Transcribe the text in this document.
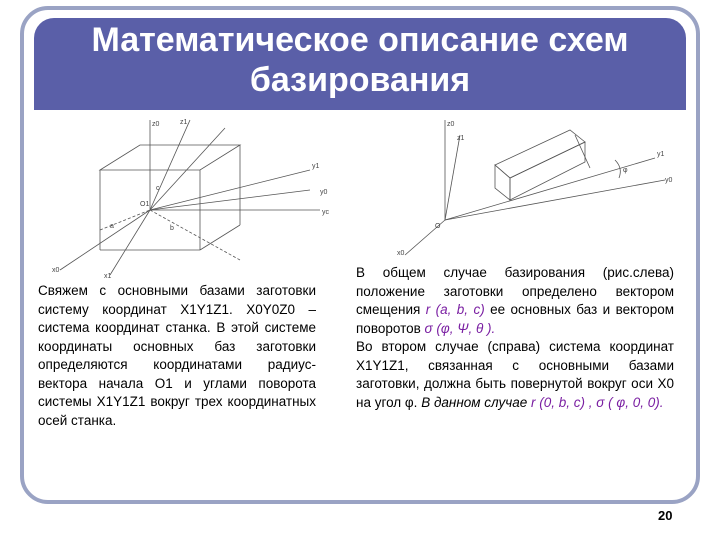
Математическое описание схем
базирования
z0	z1
y1
y0
yc
x0
x1
O1
a	b
c
z0
z1
y1
y0
x0
O
φ
Свяжем с основными базами заготовки систему координат X1Y1Z1. X0Y0Z0 – система координат станка. В этой системе координаты основных баз заготовки определяются координатами радиус-вектора начала O1 и углами поворота системы X1Y1Z1 вокруг трех координатных осей станка.
В общем случае базирования (рис.слева) положение заготовки определено вектором смещения r (a, b, c) ее основных баз и вектором поворотов σ (φ, Ψ, θ ).
Во втором случае (справа) система координат X1Y1Z1, связанная с основными базами заготовки, должна быть повернутой вокруг оси X0 на угол φ. В данном случае r (0, b, c) , σ ( φ, 0, 0).
20
